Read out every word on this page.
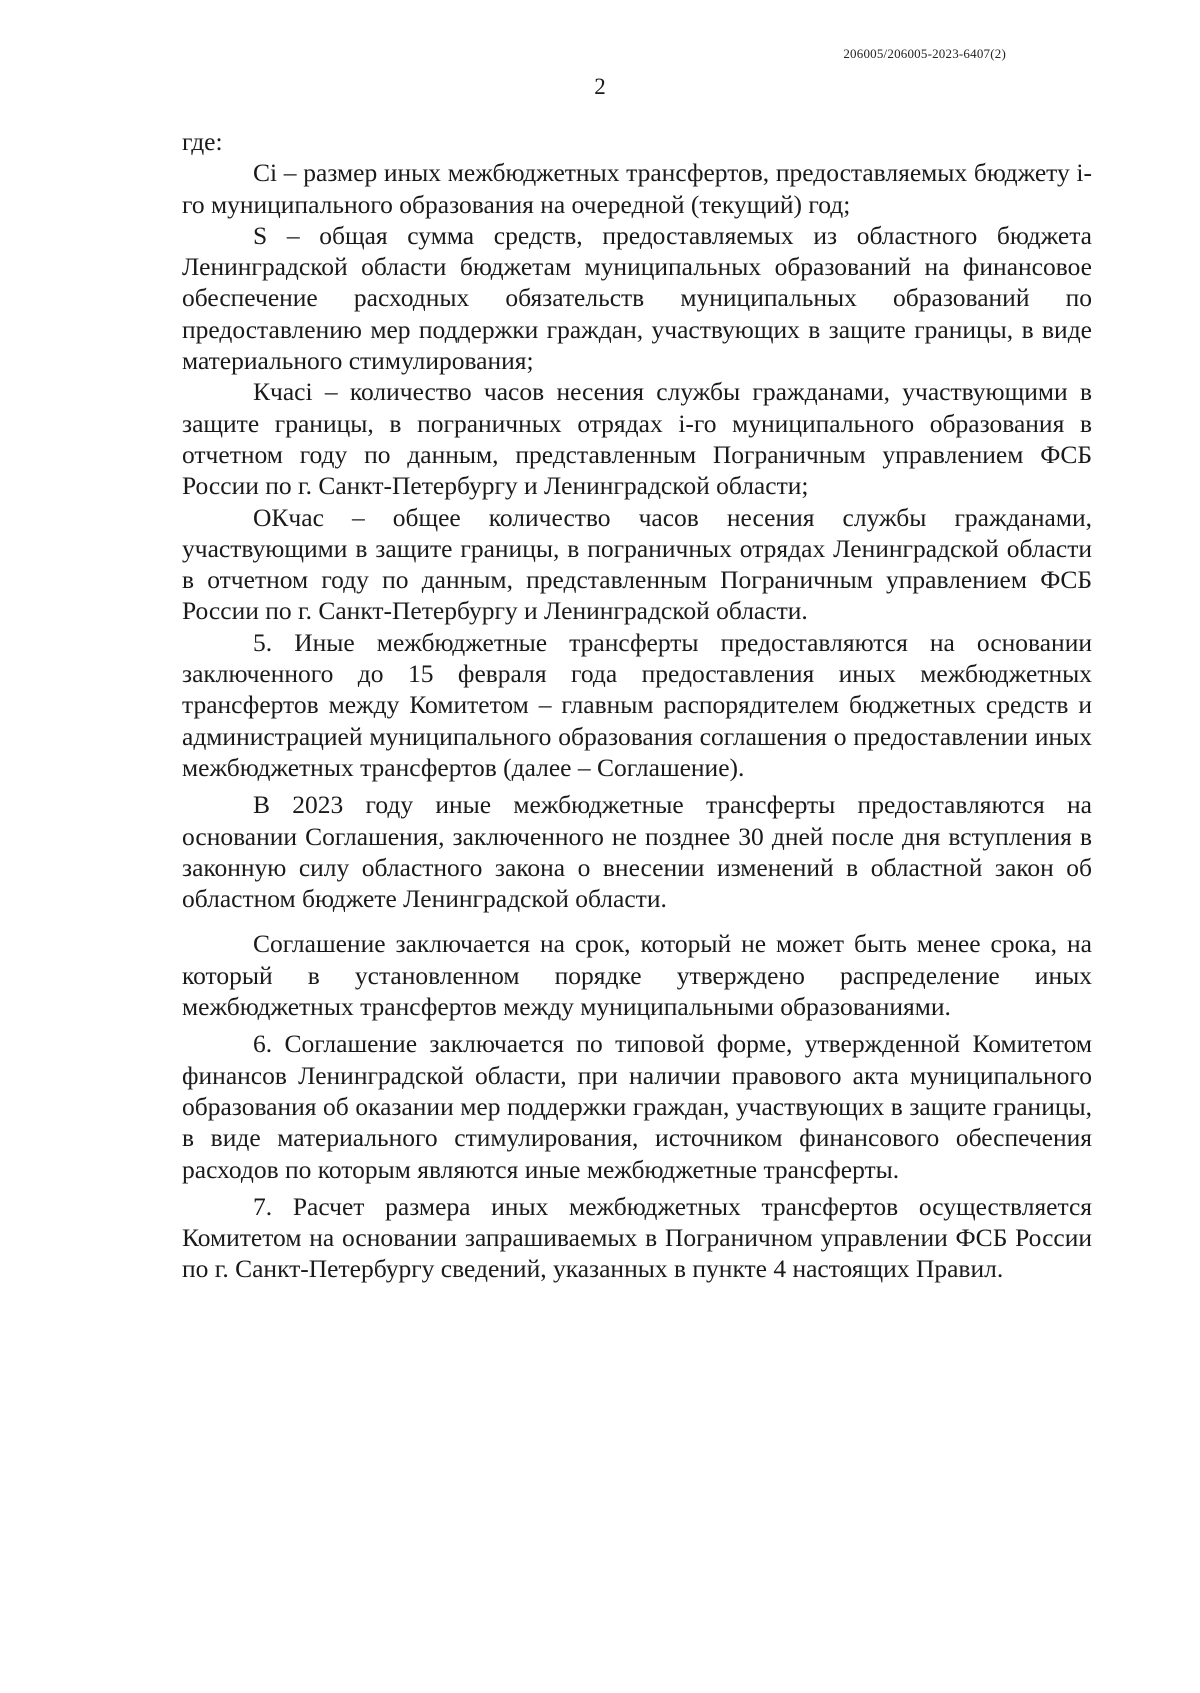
206005/206005-2023-6407(2)
2

где:

Ci – размер иных межбюджетных трансфертов, предоставляемых бюджету i-го муниципального образования на очередной (текущий) год;

S – общая сумма средств, предоставляемых из областного бюджета Ленинградской области бюджетам муниципальных образований на финансовое обеспечение расходных обязательств муниципальных образований по предоставлению мер поддержки граждан, участвующих в защите границы, в виде материального стимулирования;

Кчасi – количество часов несения службы гражданами, участвующими в защите границы, в пограничных отрядах i-го муниципального образования в отчетном году по данным, представленным Пограничным управлением ФСБ России по г. Санкт-Петербургу и Ленинградской области;

ОКчас – общее количество часов несения службы гражданами, участвующими в защите границы, в пограничных отрядах Ленинградской области в отчетном году по данным, представленным Пограничным управлением ФСБ России по г. Санкт-Петербургу и Ленинградской области.

5. Иные межбюджетные трансферты предоставляются на основании заключенного до 15 февраля года предоставления иных межбюджетных трансфертов между Комитетом – главным распорядителем бюджетных средств и администрацией муниципального образования соглашения о предоставлении иных межбюджетных трансфертов (далее – Соглашение).

В 2023 году иные межбюджетные трансферты предоставляются на основании Соглашения, заключенного не позднее 30 дней после дня вступления в законную силу областного закона о внесении изменений в областной закон об областном бюджете Ленинградской области.

Соглашение заключается на срок, который не может быть менее срока, на который в установленном порядке утверждено распределение иных межбюджетных трансфертов между муниципальными образованиями.

6. Соглашение заключается по типовой форме, утвержденной Комитетом финансов Ленинградской области, при наличии правового акта муниципального образования об оказании мер поддержки граждан, участвующих в защите границы, в виде материального стимулирования, источником финансового обеспечения расходов по которым являются иные межбюджетные трансферты.

7. Расчет размера иных межбюджетных трансфертов осуществляется Комитетом на основании запрашиваемых в Пограничном управлении ФСБ России по г. Санкт-Петербургу сведений, указанных в пункте 4 настоящих Правил.
